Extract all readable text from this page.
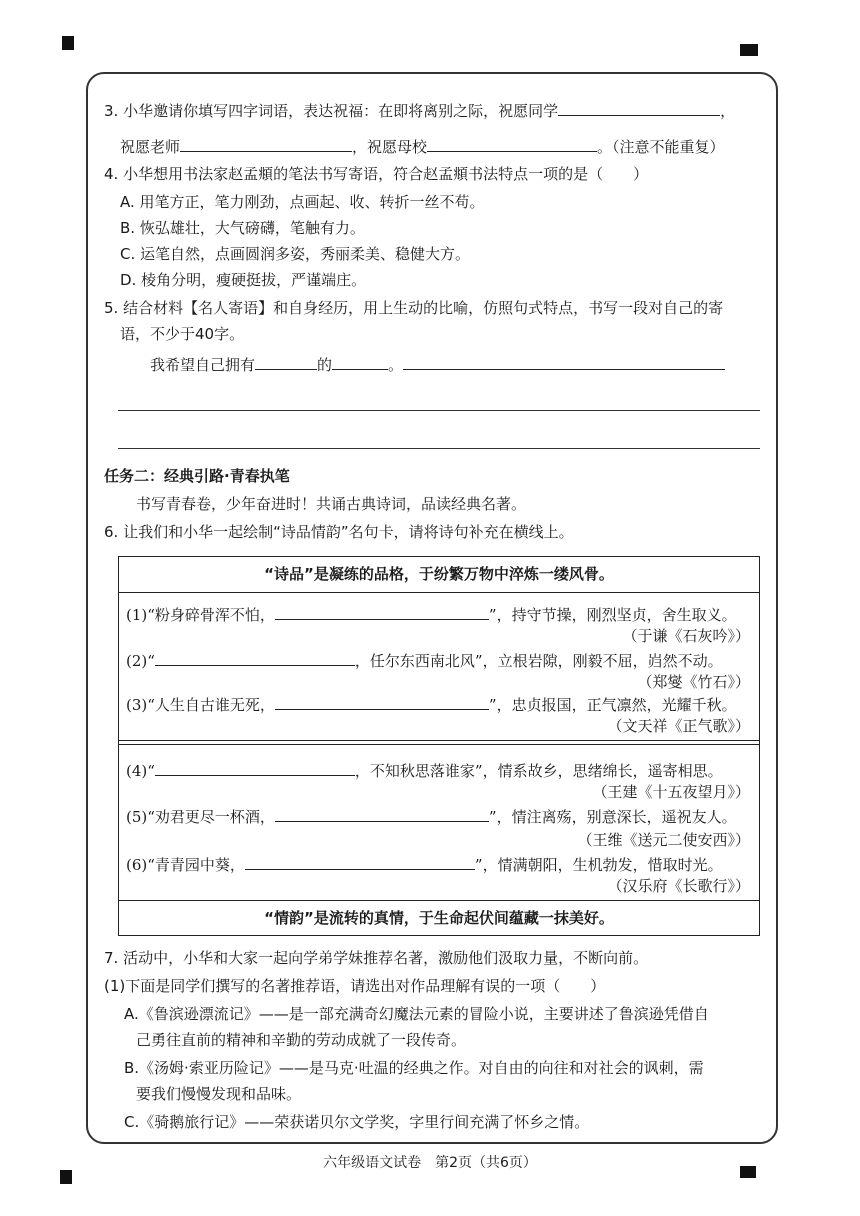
3. 小华邀请你填写四字词语，表达祝福：在即将离别之际，祝愿同学	，
祝愿老师	，祝愿母校	。（注意不能重复）
4. 小华想用书法家赵孟頫的笔法书写寄语，符合赵孟頫书法特点一项的是（　　）
A. 用笔方正，笔力刚劲，点画起、收、转折一丝不苟。
B. 恢弘雄壮，大气磅礴，笔触有力。
C. 运笔自然，点画圆润多姿，秀丽柔美、稳健大方。
D. 棱角分明，瘦硬挺拔，严谨端庄。
5. 结合材料【名人寄语】和自身经历，用上生动的比喻，仿照句式特点，书写一段对自己的寄
语，不少于40字。
我希望自己拥有	的	。
任务二：经典引路·青春执笔
书写青春卷，少年奋进时！共诵古典诗词，品读经典名著。
6. 让我们和小华一起绘制“诗品情韵”名句卡，请将诗句补充在横线上。
“诗品”是凝练的品格，于纷繁万物中淬炼一缕风骨。
(1)“粉身碎骨浑不怕，	”，持守节操，刚烈坚贞，舍生取义。
（于谦《石灰吟》）
(2)“	，任尔东西南北风”，立根岩隙，刚毅不屈，岿然不动。
（郑燮《竹石》）
(3)“人生自古谁无死，	”，忠贞报国，正气凛然，光耀千秋。
（文天祥《正气歌》）
(4)“	，不知秋思落谁家”，情系故乡，思绪绵长，遥寄相思。
（王建《十五夜望月》）
(5)“劝君更尽一杯酒，	”，情注离殇，别意深长，遥祝友人。
（王维《送元二使安西》）
(6)“青青园中葵，	”，情满朝阳，生机勃发，惜取时光。
（汉乐府《长歌行》）
“情韵”是流转的真情，于生命起伏间蕴藏一抹美好。
7. 活动中，小华和大家一起向学弟学妹推荐名著，激励他们汲取力量，不断向前。
(1)下面是同学们撰写的名著推荐语，请选出对作品理解有误的一项（　　）
A.《鲁滨逊漂流记》——是一部充满奇幻魔法元素的冒险小说，主要讲述了鲁滨逊凭借自
己勇往直前的精神和辛勤的劳动成就了一段传奇。
B.《汤姆·索亚历险记》——是马克·吐温的经典之作。对自由的向往和对社会的讽刺，需
要我们慢慢发现和品味。
C.《骑鹅旅行记》——荣获诺贝尔文学奖，字里行间充满了怀乡之情。
六年级语文试卷　第2页（共6页）
